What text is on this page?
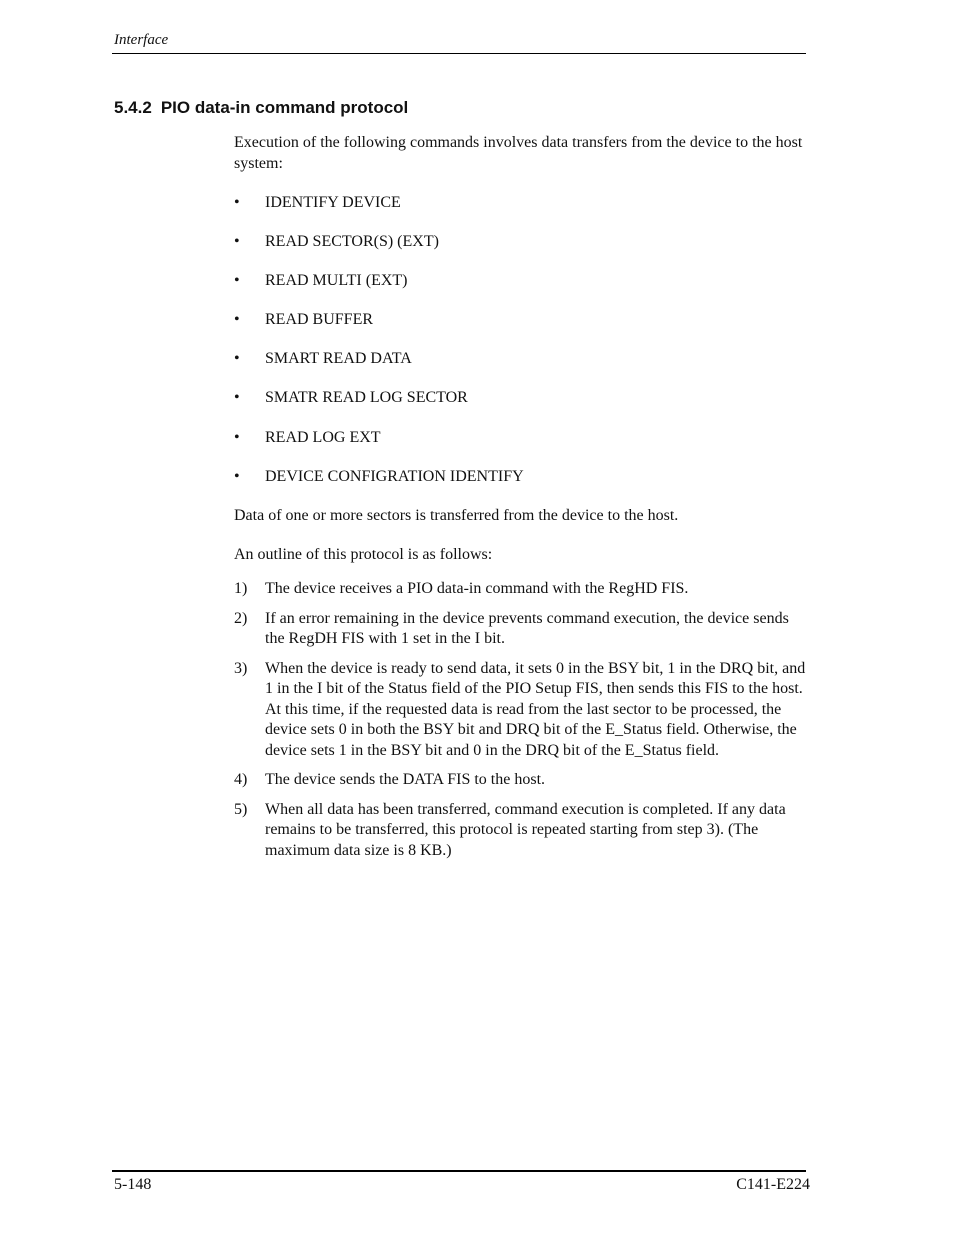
Interface
5.4.2 PIO data-in command protocol

Execution of the following commands involves data transfers from the device to the host system:

•	IDENTIFY DEVICE
•	READ SECTOR(S) (EXT)
•	READ MULTI (EXT)
•	READ BUFFER
•	SMART READ DATA
•	SMATR READ LOG SECTOR
•	READ LOG EXT
•	DEVICE CONFIGRATION IDENTIFY

Data of one or more sectors is transferred from the device to the host.

An outline of this protocol is as follows:

1) The device receives a PIO data-in command with the RegHD FIS.
2) If an error remaining in the device prevents command execution, the device sends the RegDH FIS with 1 set in the I bit.
3) When the device is ready to send data, it sets 0 in the BSY bit, 1 in the DRQ bit, and 1 in the I bit of the Status field of the PIO Setup FIS, then sends this FIS to the host. At this time, if the requested data is read from the last sector to be processed, the device sets 0 in both the BSY bit and DRQ bit of the E_Status field. Otherwise, the device sets 1 in the BSY bit and 0 in the DRQ bit of the E_Status field.
4) The device sends the DATA FIS to the host.
5) When all data has been transferred, command execution is completed. If any data remains to be transferred, this protocol is repeated starting from step 3). (The maximum data size is 8 KB.)
5-148	C141-E224
